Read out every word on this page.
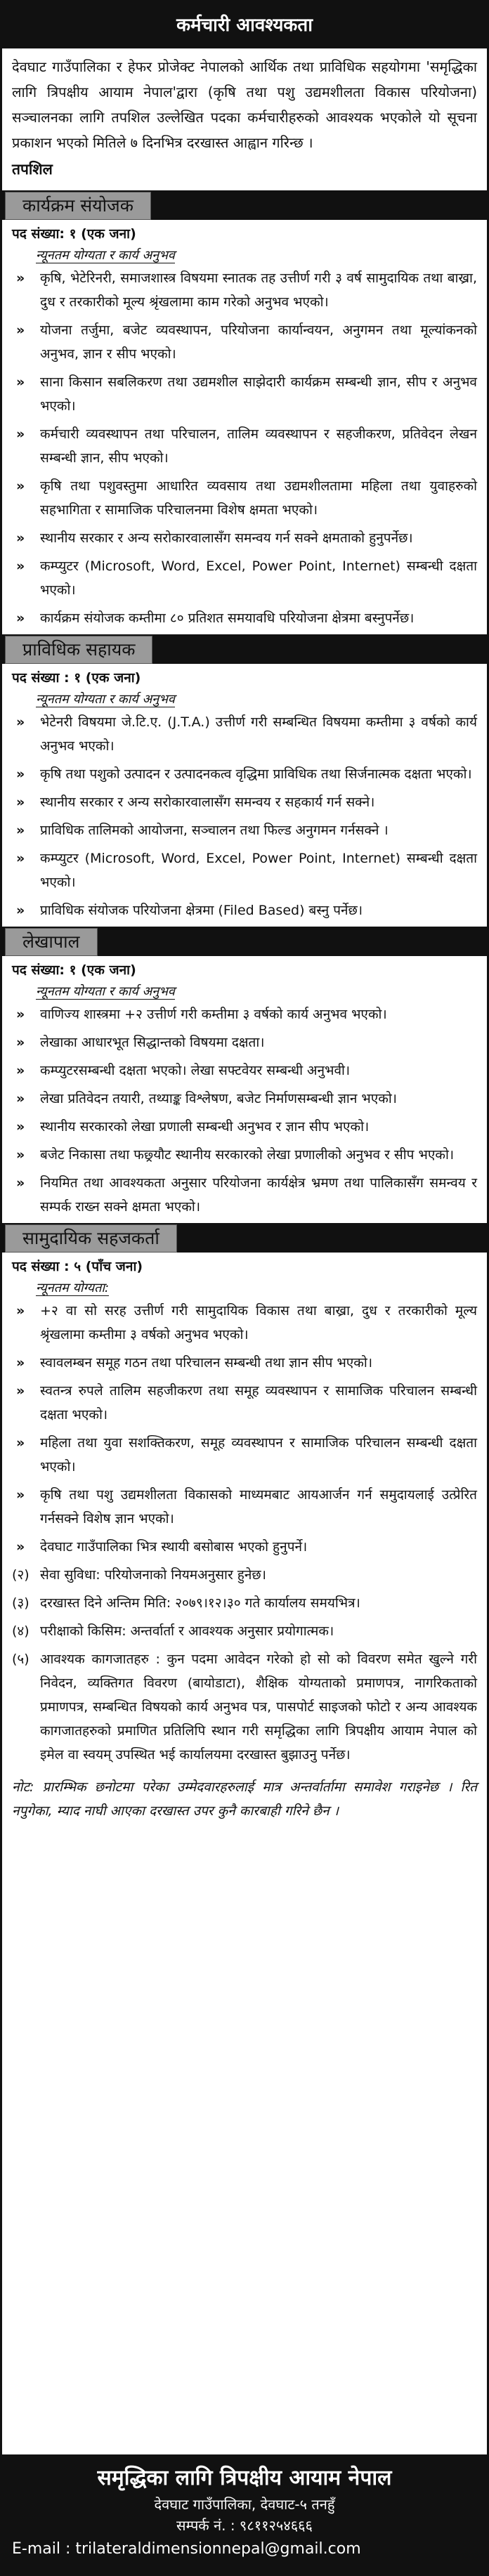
कर्मचारी आवश्यकता
देवघाट गाउँपालिका र हेफर प्रोजेक्ट नेपालको आर्थिक तथा प्राविधिक सहयोगमा 'समृद्धिका लागि त्रिपक्षीय आयाम नेपाल'द्वारा (कृषि तथा पशु उद्यमशीलता विकास परियोजना) सञ्चालनका लागि तपशिल उल्लेखित पदका कर्मचारीहरुको आवश्यक भएकोले यो सूचना प्रकाशन भएको मितिले ७ दिनभित्र दरखास्त आह्वान गरिन्छ ।
तपशिल
कार्यक्रम संयोजक
पद संख्या: १ (एक जना)
न्यूनतम योग्यता र कार्य अनुभव
» कृषि, भेटेरिनरी, समाजशास्त्र विषयमा स्नातक तह उत्तीर्ण गरी ३ वर्ष सामुदायिक तथा बाख्रा, दुध र तरकारीको मूल्य श्रृंखलामा काम गरेको अनुभव भएको।
» योजना तर्जुमा, बजेट व्यवस्थापन, परियोजना कार्यान्वयन, अनुगमन तथा मूल्यांकनको अनुभव, ज्ञान र सीप भएको।
» साना किसान सबलिकरण तथा उद्यमशील साझेदारी कार्यक्रम सम्बन्धी ज्ञान, सीप र अनुभव भएको।
» कर्मचारी व्यवस्थापन तथा परिचालन, तालिम व्यवस्थापन र सहजीकरण, प्रतिवेदन लेखन सम्बन्धी ज्ञान, सीप भएको।
» कृषि तथा पशुवस्तुमा आधारित व्यवसाय तथा उद्यमशीलतामा महिला तथा युवाहरुको सहभागिता र सामाजिक परिचालनमा विशेष क्षमता भएको।
» स्थानीय सरकार र अन्य सरोकारवालासँग समन्वय गर्न सक्ने क्षमताको हुनुपर्नेछ।
» कम्प्युटर (Microsoft, Word, Excel, Power Point, Internet) सम्बन्धी दक्षता भएको।
» कार्यक्रम संयोजक कम्तीमा ८० प्रतिशत समयावधि परियोजना क्षेत्रमा बस्नुपर्नेछ।
प्राविधिक सहायक
पद संख्या : १ (एक जना)
न्यूनतम योग्यता र कार्य अनुभव
» भेटेनरी विषयमा जे.टि.ए. (J.T.A.) उत्तीर्ण गरी सम्बन्धित विषयमा कम्तीमा ३ वर्षको कार्य अनुभव भएको।
» कृषि तथा पशुको उत्पादन र उत्पादनकत्व वृद्धिमा प्राविधिक तथा सिर्जनात्मक दक्षता भएको।
» स्थानीय सरकार र अन्य सरोकारवालासँग समन्वय र सहकार्य गर्न सक्ने।
» प्राविधिक तालिमको आयोजना, सञ्चालन तथा फिल्ड अनुगमन गर्नसक्ने ।
» कम्प्युटर (Microsoft, Word, Excel, Power Point, Internet) सम्बन्धी दक्षता भएको।
» प्राविधिक संयोजक परियोजना क्षेत्रमा (Filed Based) बस्नु पर्नेछ।
लेखापाल
पद संख्या: १ (एक जना)
न्यूनतम योग्यता र कार्य अनुभव
» वाणिज्य शास्त्रमा +२ उत्तीर्ण गरी कम्तीमा ३ वर्षको कार्य अनुभव भएको।
» लेखाका आधारभूत सिद्धान्तको विषयमा दक्षता।
» कम्प्युटरसम्बन्धी दक्षता भएको। लेखा सफ्टवेयर सम्बन्धी अनुभवी।
» लेखा प्रतिवेदन तयारी, तथ्याङ्क विश्लेषण, बजेट निर्माणसम्बन्धी ज्ञान भएको।
» स्थानीय सरकारको लेखा प्रणाली सम्बन्धी अनुभव र ज्ञान सीप भएको।
» बजेट निकासा तथा फछ्र्यौट स्थानीय सरकारको लेखा प्रणालीको अनुभव र सीप भएको।
» नियमित तथा आवश्यकता अनुसार परियोजना कार्यक्षेत्र भ्रमण तथा पालिकासँग समन्वय र सम्पर्क राख्न सक्ने क्षमता भएको।
सामुदायिक सहजकर्ता
पद संख्या : ५ (पाँच जना)
न्यूनतम योग्यता:
» +२ वा सो सरह उत्तीर्ण गरी सामुदायिक विकास तथा बाख्रा, दुध र तरकारीको मूल्य श्रृंखलामा कम्तीमा ३ वर्षको अनुभव भएको।
» स्वावलम्बन समूह गठन तथा परिचालन सम्बन्धी तथा ज्ञान सीप भएको।
» स्वतन्त्र रुपले तालिम सहजीकरण तथा समूह व्यवस्थापन र सामाजिक परिचालन सम्बन्धी दक्षता भएको।
» महिला तथा युवा सशक्तिकरण, समूह व्यवस्थापन र सामाजिक परिचालन सम्बन्धी दक्षता भएको।
» कृषि तथा पशु उद्यमशीलता विकासको माध्यमबाट आयआर्जन गर्न समुदायलाई उत्प्रेरित गर्नसक्ने विशेष ज्ञान भएको।
» देवघाट गाउँपालिका भित्र स्थायी बसोबास भएको हुनुपर्ने।
(२) सेवा सुविधा: परियोजनाको नियमअनुसार हुनेछ।
(३) दरखास्त दिने अन्तिम मिति: २०७९।१२।३० गते कार्यालय समयभित्र।
(४) परीक्षाको किसिम: अन्तर्वार्ता र आवश्यक अनुसार प्रयोगात्मक।
(५) आवश्यक कागजातहरु : कुन पदमा आवेदन गरेको हो सो को विवरण समेत खुल्ने गरी निवेदन, व्यक्तिगत विवरण (बायोडाटा), शैक्षिक योग्यताको प्रमाणपत्र, नागरिकताको प्रमाणपत्र, सम्बन्धित विषयको कार्य अनुभव पत्र, पासपोर्ट साइजको फोटो र अन्य आवश्यक कागजातहरुको प्रमाणित प्रतिलिपि स्थान गरी समृद्धिका लागि त्रिपक्षीय आयाम नेपाल को इमेल वा स्वयम् उपस्थित भई कार्यालयमा दरखास्त बुझाउनु पर्नेछ।
नोट: प्रारम्भिक छनोटमा परेका उम्मेदवारहरुलाई मात्र अन्तर्वार्तामा समावेश गराइनेछ । रित नपुगेका, म्याद नाघी आएका दरखास्त उपर कुनै कारबाही गरिने छैन ।
समृद्धिका लागि त्रिपक्षीय आयाम नेपाल
देवघाट गाउँपालिका, देवघाट-५ तनहुँ
सम्पर्क नं. : ९८११२५४६६६
E-mail : trilateraldimensionnepal@gmail.com
